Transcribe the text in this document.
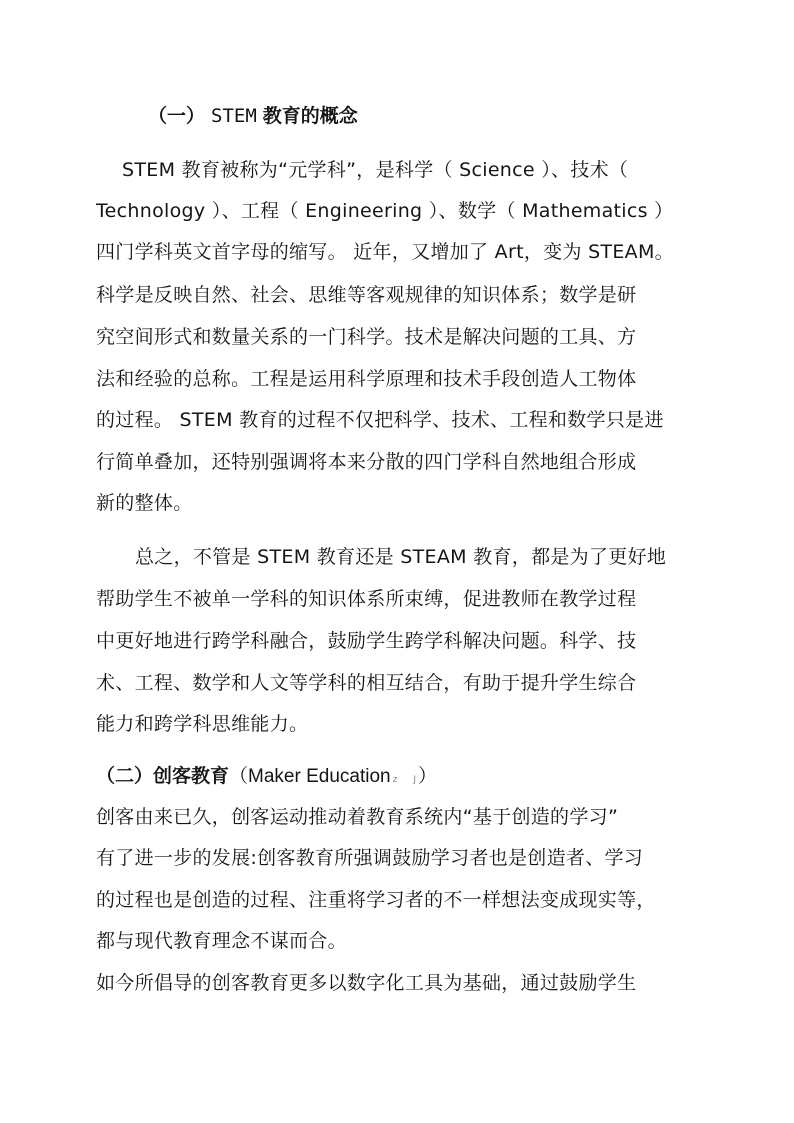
（一） STEM 教育的概念
STEM 教育被称为“元学科”，是科学（ Science ）、技术（
Technology ）、工程（ Engineering ）、数学（ Mathematics ）
四门学科英文首字母的缩写。 近年，又增加了 Art，变为 STEAM。
科学是反映自然、社会、思维等客观规律的知识体系；数学是研
究空间形式和数量关系的一门科学。技术是解决问题的工具、方
法和经验的总称。工程是运用科学原理和技术手段创造人工物体
的过程。 STEM 教育的过程不仅把科学、技术、工程和数学只是进
行简单叠加，还特别强调将本来分散的四门学科自然地组合形成
新的整体。
总之，不管是 STEM 教育还是 STEAM 教育，都是为了更好地
帮助学生不被单一学科的知识体系所束缚，促进教师在教学过程
中更好地进行跨学科融合，鼓励学生跨学科解决问题。科学、技
术、工程、数学和人文等学科的相互结合，有助于提升学生综合
能力和跨学科思维能力。
（二）创客教育（Maker Education z J ）
创客由来已久，创客运动推动着教育系统内“基于创造的学习”
有了进一步的发展:创客教育所强调鼓励学习者也是创造者、学习
的过程也是创造的过程、注重将学习者的不一样想法变成现实等，
都与现代教育理念不谋而合。
如今所倡导的创客教育更多以数字化工具为基础，通过鼓励学生
